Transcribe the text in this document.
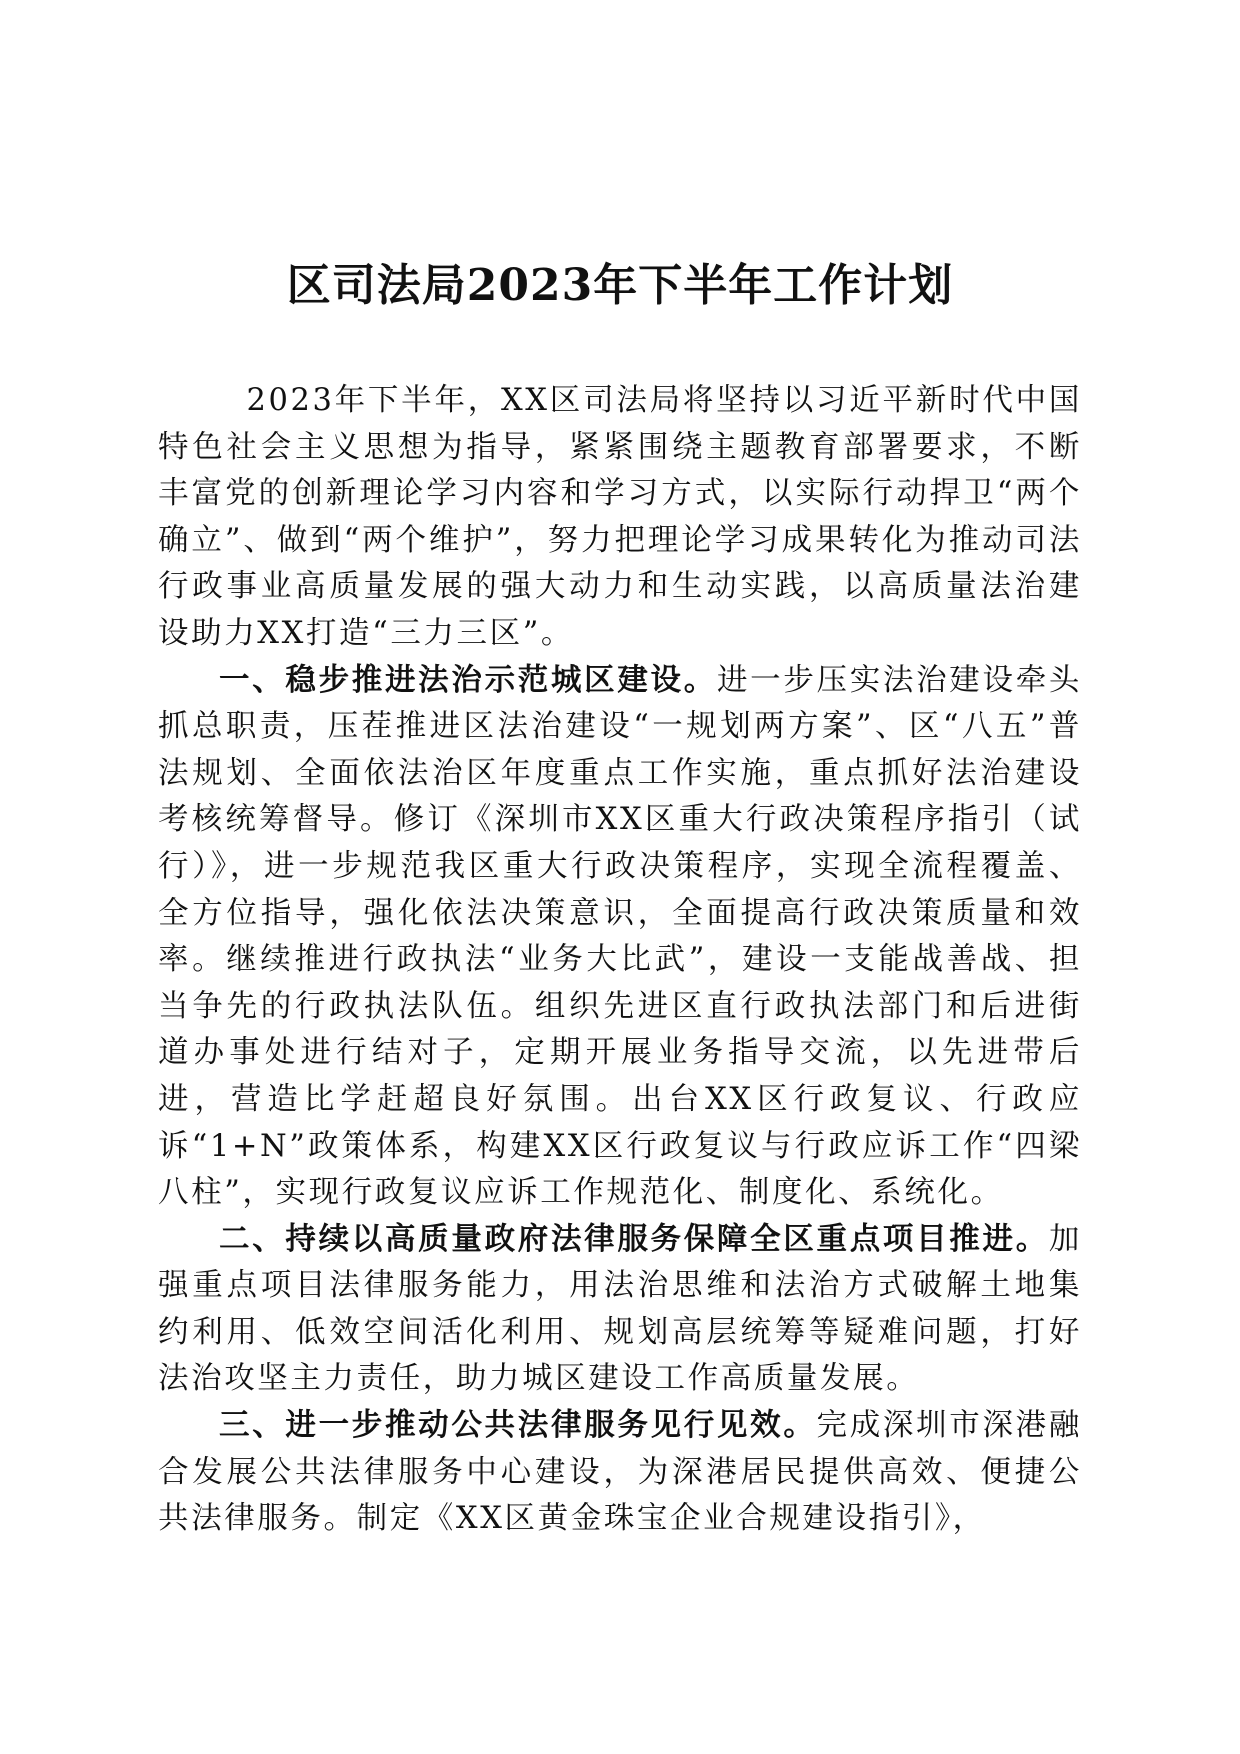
区司法局2023年下半年工作计划

2023年下半年，XX区司法局将坚持以习近平新时代中国特色社会主义思想为指导，紧紧围绕主题教育部署要求，不断丰富党的创新理论学习内容和学习方式，以实际行动捍卫“两个确立”、做到“两个维护”，努力把理论学习成果转化为推动司法行政事业高质量发展的强大动力和生动实践，以高质量法治建设助力XX打造“三力三区”。

一、稳步推进法治示范城区建设。进一步压实法治建设牵头抓总职责，压茬推进区法治建设“一规划两方案”、区“八五”普法规划、全面依法治区年度重点工作实施，重点抓好法治建设考核统筹督导。修订《深圳市XX区重大行政决策程序指引（试行）》，进一步规范我区重大行政决策程序，实现全流程覆盖、全方位指导，强化依法决策意识，全面提高行政决策质量和效率。继续推进行政执法“业务大比武”，建设一支能战善战、担当争先的行政执法队伍。组织先进区直行政执法部门和后进街道办事处进行结对子，定期开展业务指导交流，以先进带后进，营造比学赶超良好氛围。出台XX区行政复议、行政应诉“1+N”政策体系，构建XX区行政复议与行政应诉工作“四梁八柱”，实现行政复议应诉工作规范化、制度化、系统化。

二、持续以高质量政府法律服务保障全区重点项目推进。加强重点项目法律服务能力，用法治思维和法治方式破解土地集约利用、低效空间活化利用、规划高层统筹等疑难问题，打好法治攻坚主力责任，助力城区建设工作高质量发展。

三、进一步推动公共法律服务见行见效。完成深圳市深港融合发展公共法律服务中心建设，为深港居民提供高效、便捷公共法律服务。制定《XX区黄金珠宝企业合规建设指引》，
